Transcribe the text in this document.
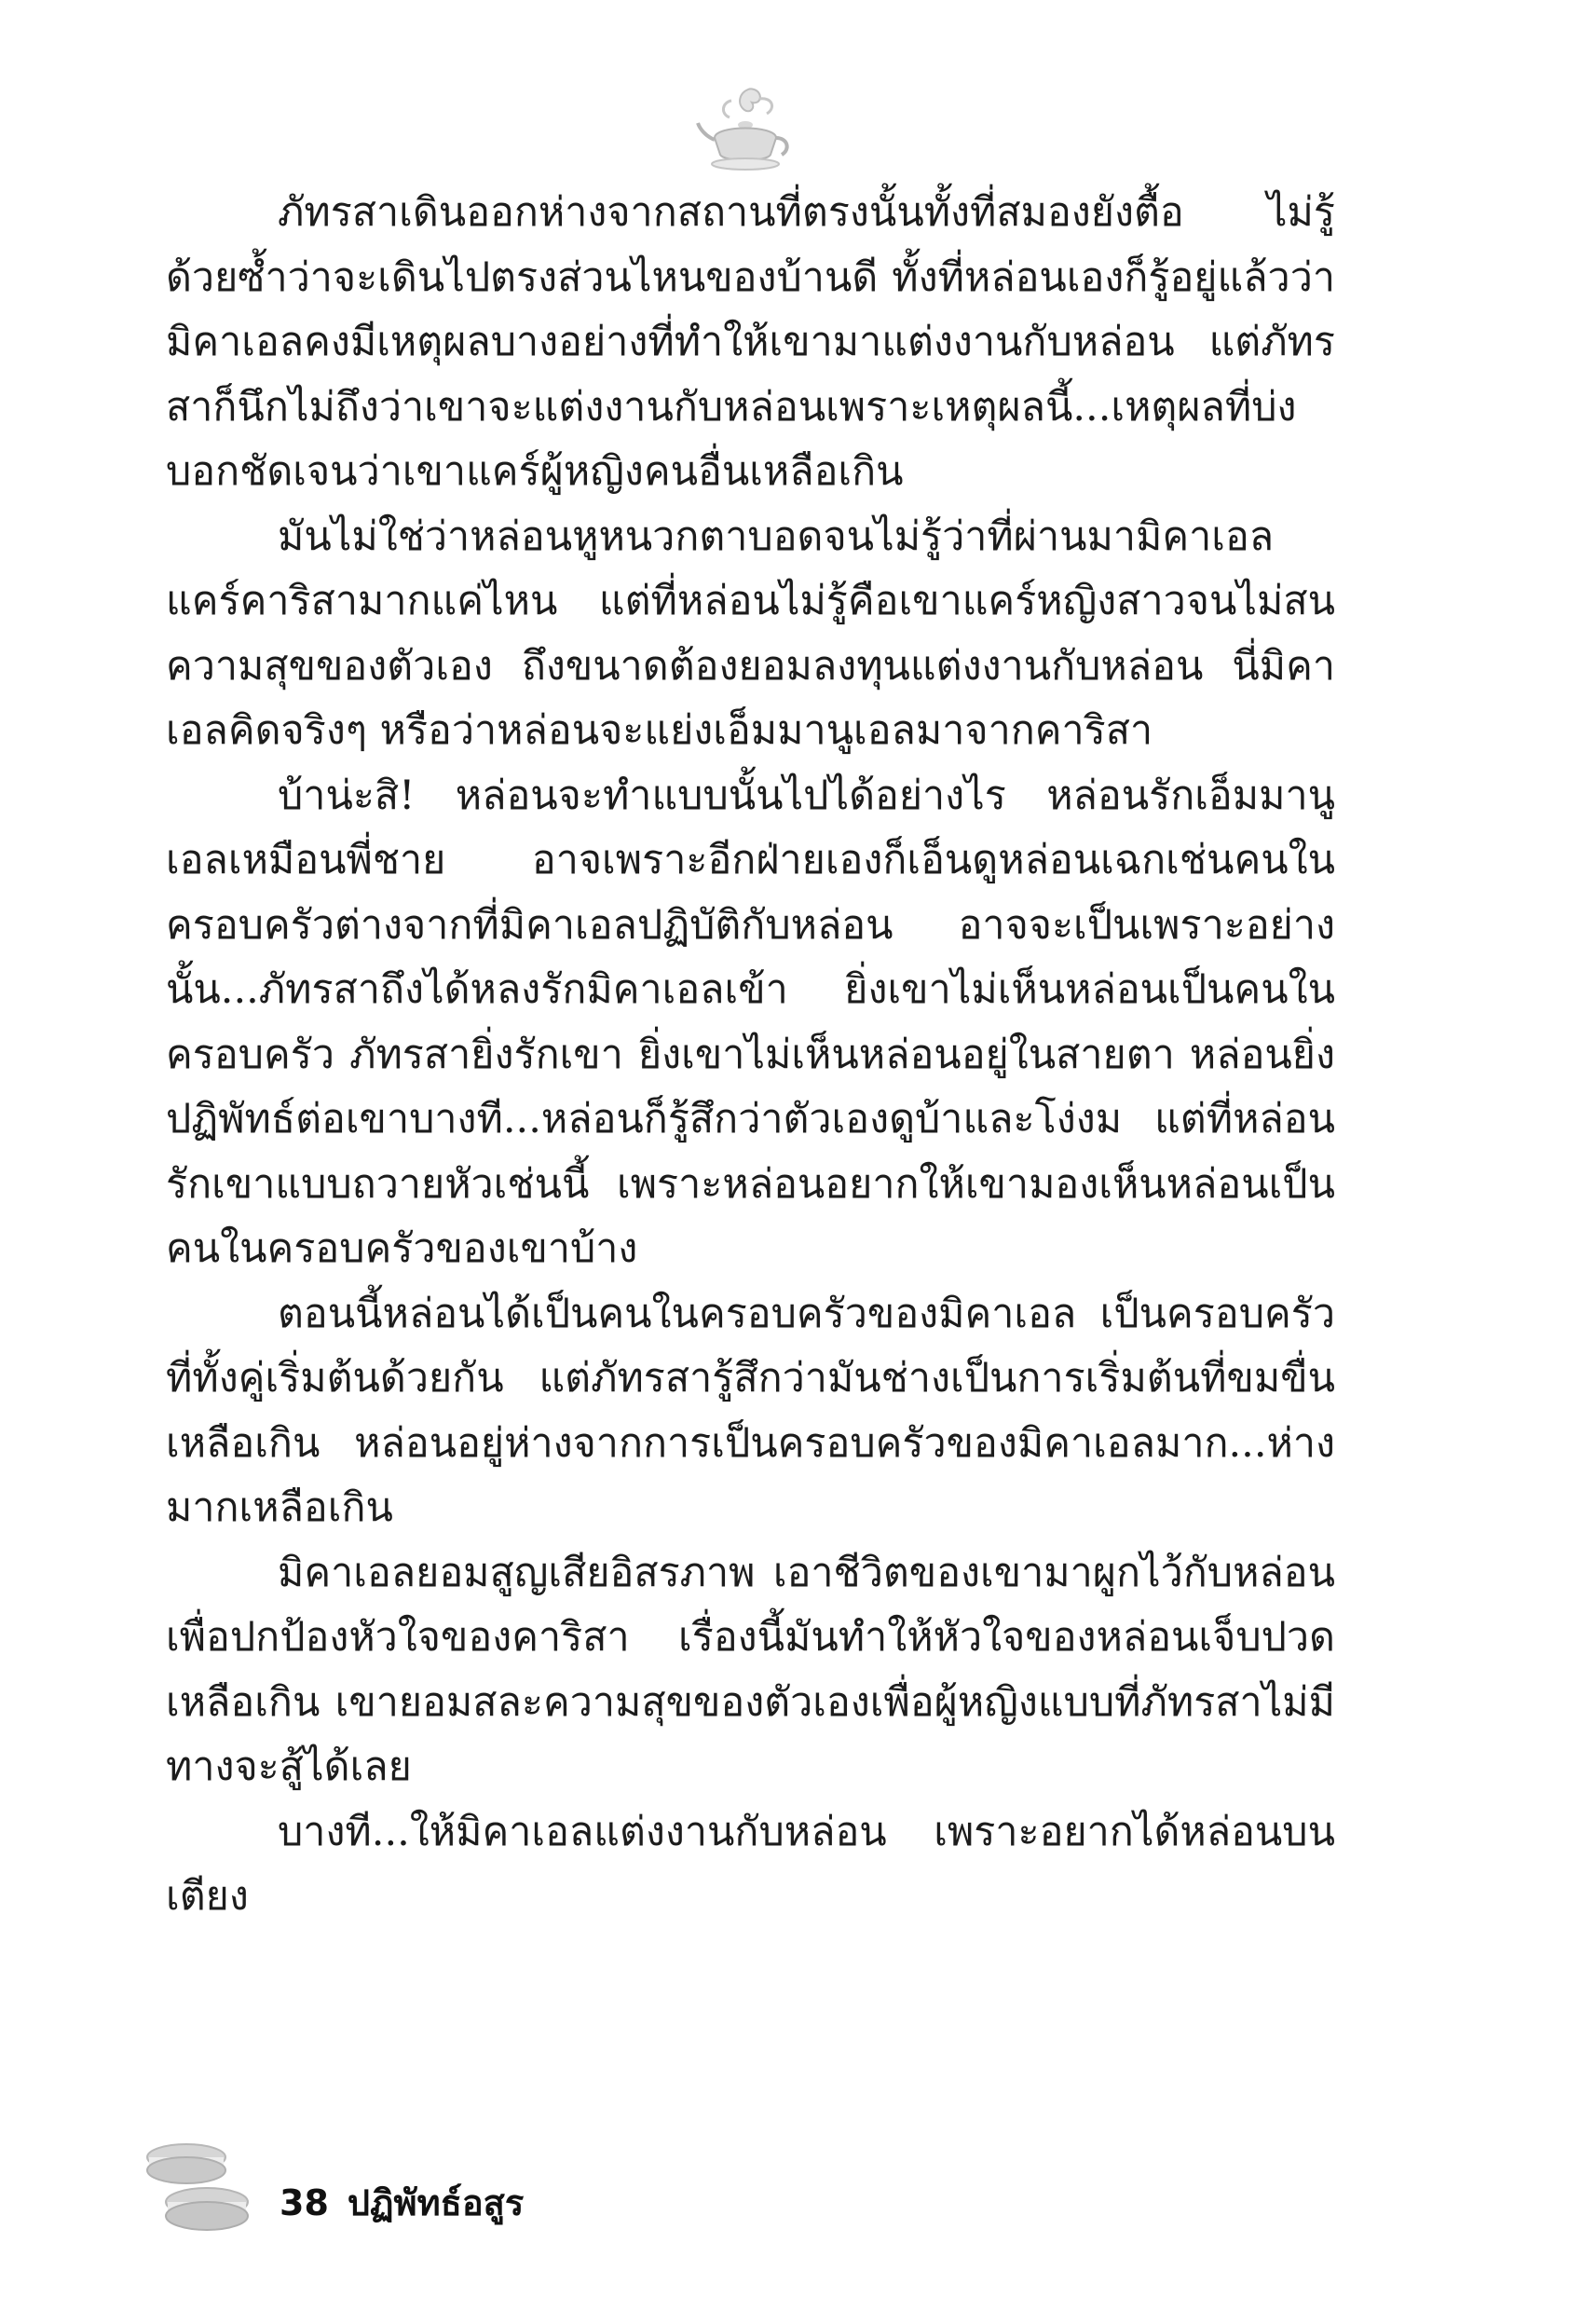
ภัทรสาเดินออกห่างจากสถานที่ตรงนั้นทั้งที่สมองยังตื้อ ไม่รู้ด้วยซ้ำว่าจะเดินไปตรงส่วนไหนของบ้านดี ทั้งที่หล่อนเองก็รู้อยู่แล้วว่ามิคาเอลคงมีเหตุผลบางอย่างที่ทำให้เขามาแต่งงานกับหล่อน แต่ภัทรสาก็นึกไม่ถึงว่าเขาจะแต่งงานกับหล่อนเพราะเหตุผลนี้...เหตุผลที่บ่งบอกชัดเจนว่าเขาแคร์ผู้หญิงคนอื่นเหลือเกิน

มันไม่ใช่ว่าหล่อนหูหนวกตาบอดจนไม่รู้ว่าที่ผ่านมามิคาเอลแคร์คาริสามากแค่ไหน แต่ที่หล่อนไม่รู้คือเขาแคร์หญิงสาวจนไม่สนความสุขของตัวเอง ถึงขนาดต้องยอมลงทุนแต่งงานกับหล่อน นี่มิคาเอลคิดจริงๆ หรือว่าหล่อนจะแย่งเอ็มมานูเอลมาจากคาริสา

บ้าน่ะสิ! หล่อนจะทำแบบนั้นไปได้อย่างไร หล่อนรักเอ็มมานูเอลเหมือนพี่ชาย อาจเพราะอีกฝ่ายเองก็เอ็นดูหล่อนเฉกเช่นคนในครอบครัวต่างจากที่มิคาเอลปฏิบัติกับหล่อน อาจจะเป็นเพราะอย่างนั้น...ภัทรสาถึงได้หลงรักมิคาเอลเข้า ยิ่งเขาไม่เห็นหล่อนเป็นคนในครอบครัว ภัทรสายิ่งรักเขา ยิ่งเขาไม่เห็นหล่อนอยู่ในสายตา หล่อนยิ่งปฏิพัทธ์ต่อเขาบางที...หล่อนก็รู้สึกว่าตัวเองดูบ้าและโง่งม แต่ที่หล่อนรักเขาแบบถวายหัวเช่นนี้ เพราะหล่อนอยากให้เขามองเห็นหล่อนเป็นคนในครอบครัวของเขาบ้าง

ตอนนี้หล่อนได้เป็นคนในครอบครัวของมิคาเอล เป็นครอบครัวที่ทั้งคู่เริ่มต้นด้วยกัน แต่ภัทรสารู้สึกว่ามันช่างเป็นการเริ่มต้นที่ขมขื่นเหลือเกิน หล่อนอยู่ห่างจากการเป็นครอบครัวของมิคาเอลมาก...ห่างมากเหลือเกิน

มิคาเอลยอมสูญเสียอิสรภาพ เอาชีวิตของเขามาผูกไว้กับหล่อนเพื่อปกป้องหัวใจของคาริสา เรื่องนี้มันทำให้หัวใจของหล่อนเจ็บปวดเหลือเกิน เขายอมสละความสุขของตัวเองเพื่อผู้หญิงแบบที่ภัทรสาไม่มีทางจะสู้ได้เลย

บางที...ให้มิคาเอลแต่งงานกับหล่อน เพราะอยากได้หล่อนบนเตียง

38 ปฏิพัทธ์อสูร
